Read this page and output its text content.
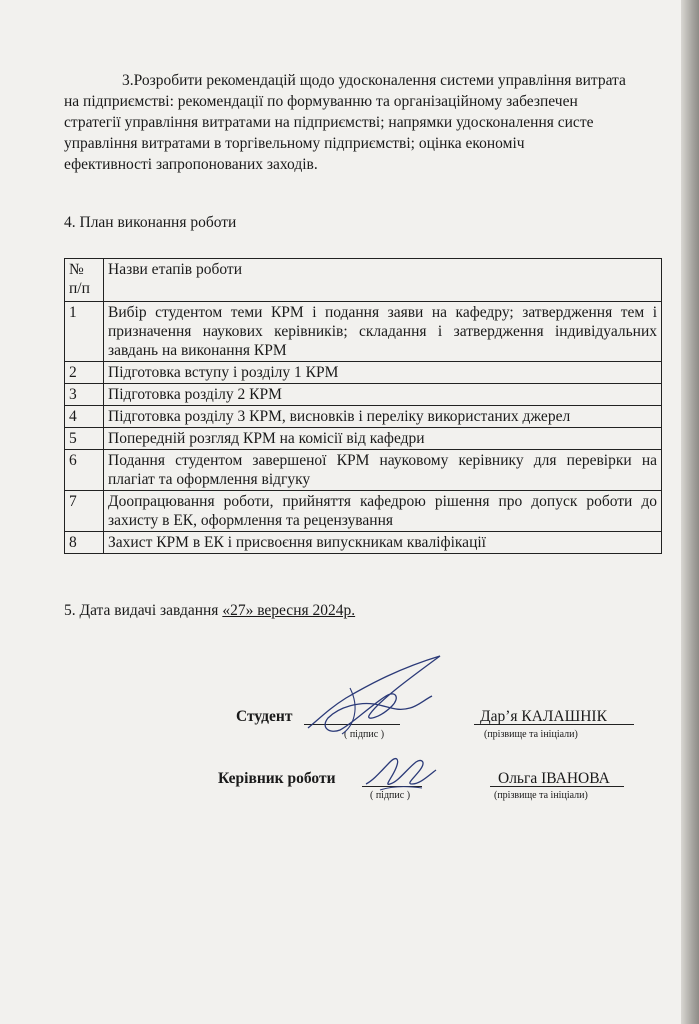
3.Розробити рекомендацій щодо удосконалення системи управління витрата
на підприємстві: рекомендації по формуванню та організаційному забезпечен
стратегії управління витратами на підприємстві; напрямки удосконалення систе
управління витратами в торгівельному підприємстві; оцінка економіч
ефективності запропонованих заходів.
4. План виконання роботи
№ п/п	Назви етапів роботи
1	Вибір студентом теми КРМ і подання заяви на кафедру; затвердження тем і призначення наукових керівників; складання і затвердження індивідуальних завдань на виконання КРМ
2	Підготовка вступу і розділу 1 КРМ
3	Підготовка розділу 2 КРМ
4	Підготовка розділу 3 КРМ, висновків і переліку використаних джерел
5	Попередній розгляд КРМ на комісії від кафедри
6	Подання студентом завершеної КРМ науковому керівнику для перевірки на плагіат та оформлення відгуку
7	Доопрацювання роботи, прийняття кафедрою рішення про допуск роботи до захисту в ЕК, оформлення та рецензування
8	Захист КРМ в ЕК і присвоєння випускникам кваліфікації
5. Дата видачі завдання «27» вересня 2024р.
Студент
( підпис )
Дар’я КАЛАШНІК
(прізвище та ініціали)
Керівник роботи
( підпис )
Ольга ІВАНОВА
(прізвище та ініціали)
